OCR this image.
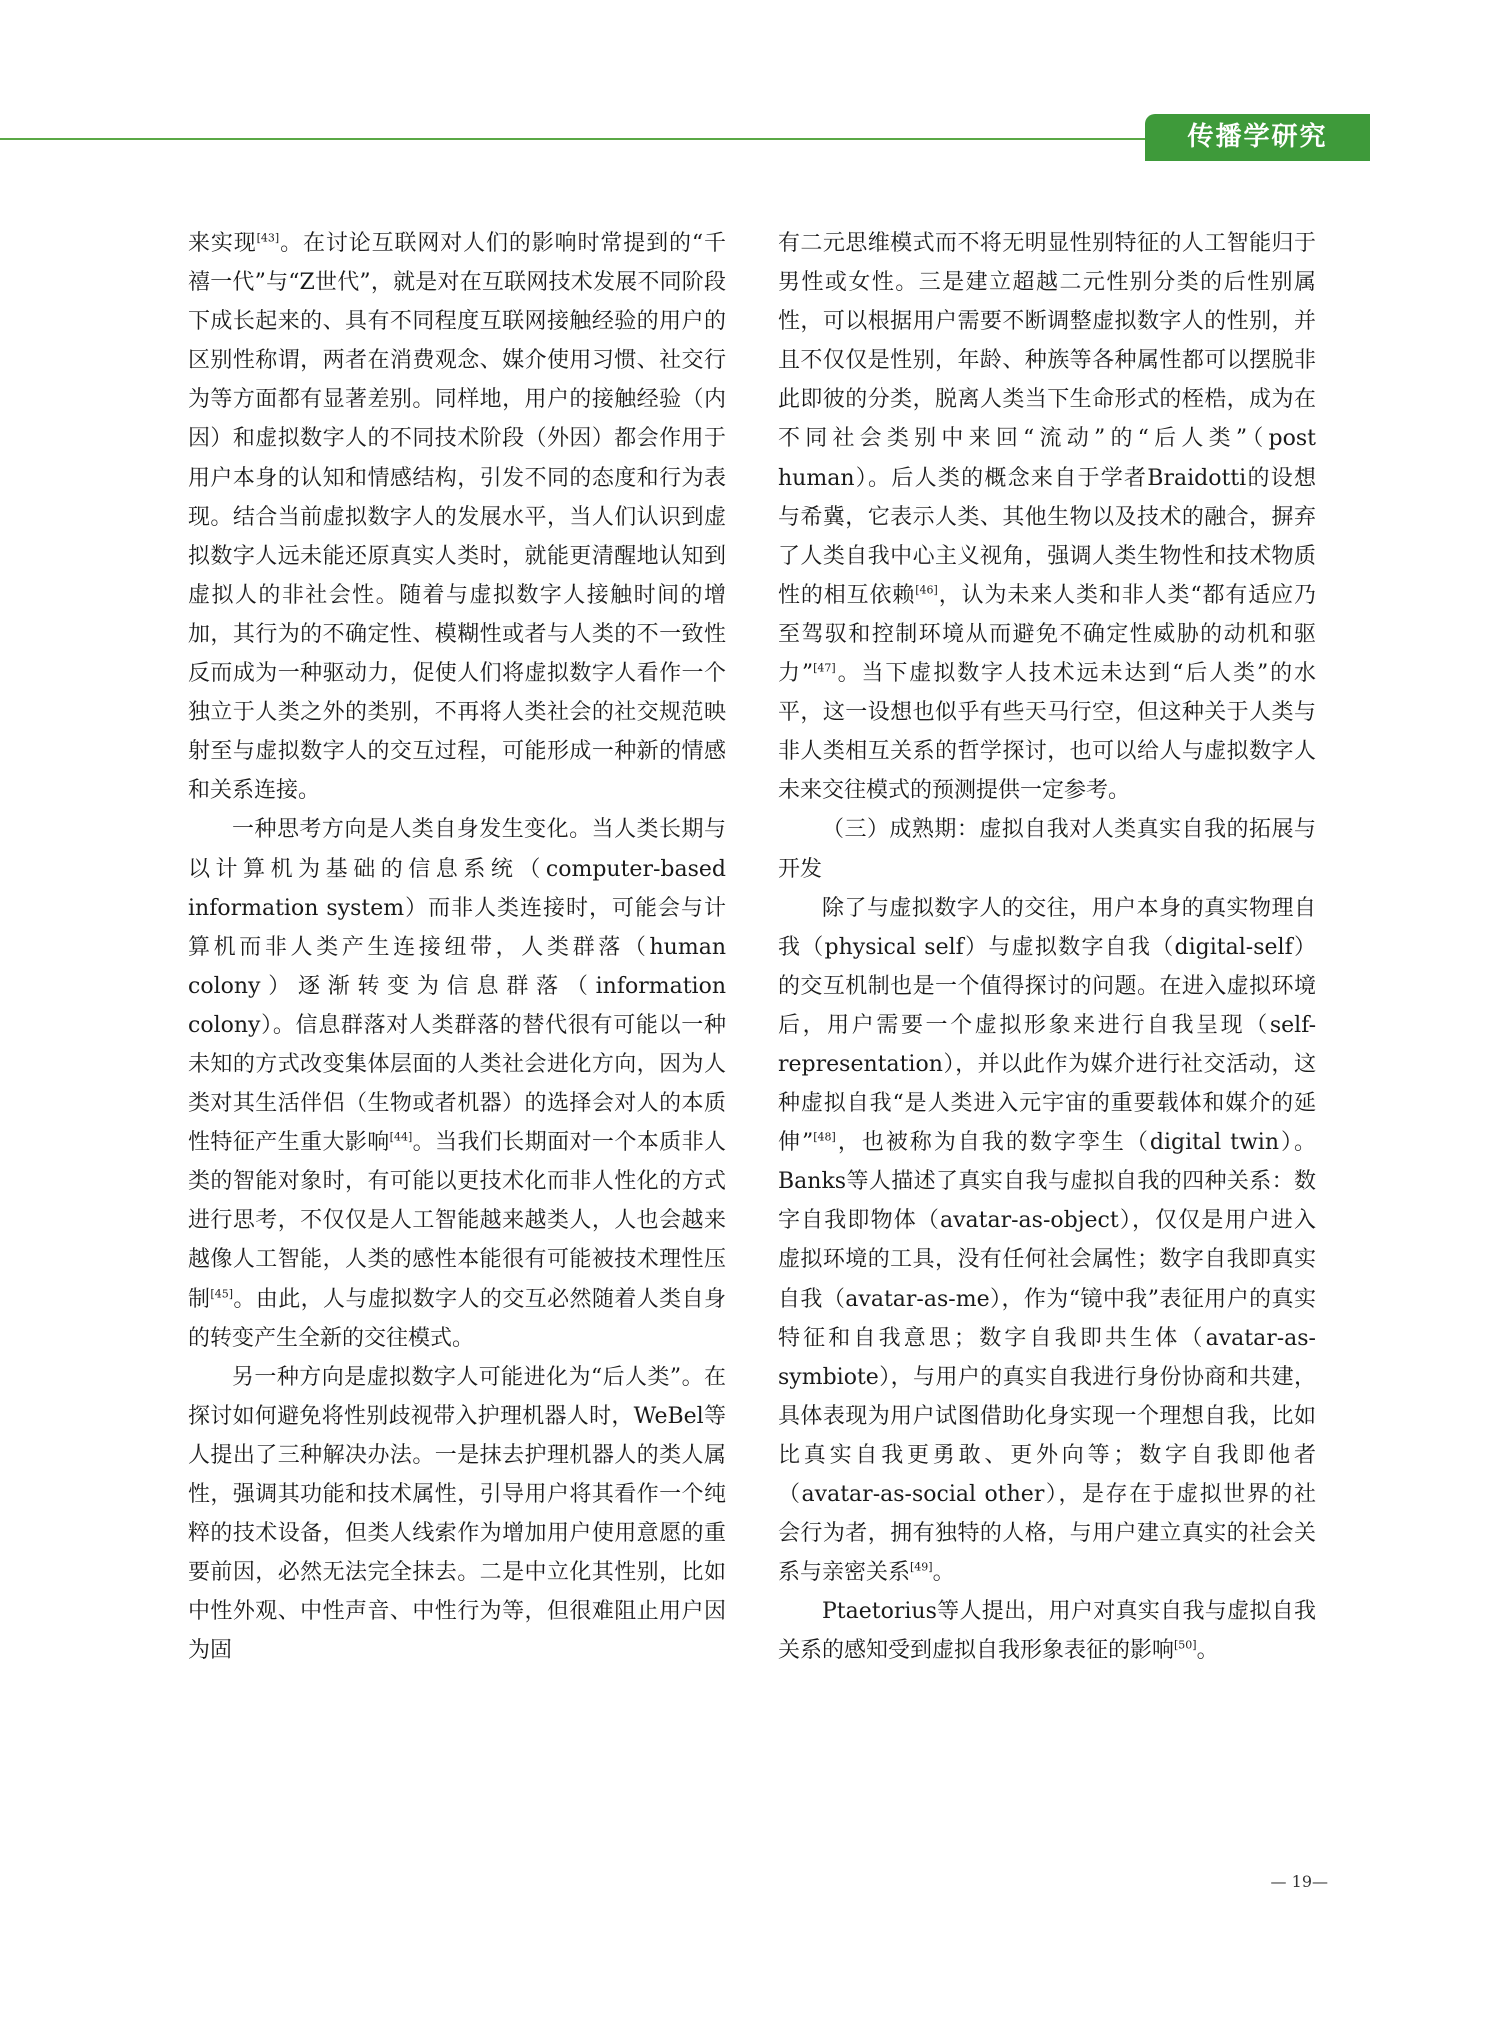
传播学研究

来实现[43]。在讨论互联网对人们的影响时常提到的“千禧一代”与“Z世代”，就是对在互联网技术发展不同阶段下成长起来的、具有不同程度互联网接触经验的用户的区别性称谓，两者在消费观念、媒介使用习惯、社交行为等方面都有显著差别。同样地，用户的接触经验（内因）和虚拟数字人的不同技术阶段（外因）都会作用于用户本身的认知和情感结构，引发不同的态度和行为表现。结合当前虚拟数字人的发展水平，当人们认识到虚拟数字人远未能还原真实人类时，就能更清醒地认知到虚拟人的非社会性。随着与虚拟数字人接触时间的增加，其行为的不确定性、模糊性或者与人类的不一致性反而成为一种驱动力，促使人们将虚拟数字人看作一个独立于人类之外的类别，不再将人类社会的社交规范映射至与虚拟数字人的交互过程，可能形成一种新的情感和关系连接。

一种思考方向是人类自身发生变化。当人类长期与以计算机为基础的信息系统（computer-based information system）而非人类连接时，可能会与计算机而非人类产生连接纽带，人类群落（human colony）逐渐转变为信息群落（information colony）。信息群落对人类群落的替代很有可能以一种未知的方式改变集体层面的人类社会进化方向，因为人类对其生活伴侣（生物或者机器）的选择会对人的本质性特征产生重大影响[44]。当我们长期面对一个本质非人类的智能对象时，有可能以更技术化而非人性化的方式进行思考，不仅仅是人工智能越来越类人，人也会越来越像人工智能，人类的感性本能很有可能被技术理性压制[45]。由此，人与虚拟数字人的交互必然随着人类自身的转变产生全新的交往模式。

另一种方向是虚拟数字人可能进化为“后人类”。在探讨如何避免将性别歧视带入护理机器人时，WeBel等人提出了三种解决办法。一是抹去护理机器人的类人属性，强调其功能和技术属性，引导用户将其看作一个纯粹的技术设备，但类人线索作为增加用户使用意愿的重要前因，必然无法完全抹去。二是中立化其性别，比如中性外观、中性声音、中性行为等，但很难阻止用户因为固

有二元思维模式而不将无明显性别特征的人工智能归于男性或女性。三是建立超越二元性别分类的后性别属性，可以根据用户需要不断调整虚拟数字人的性别，并且不仅仅是性别，年龄、种族等各种属性都可以摆脱非此即彼的分类，脱离人类当下生命形式的桎梏，成为在不同社会类别中来回“流动”的“后人类”（post human）。后人类的概念来自于学者Braidotti的设想与希冀，它表示人类、其他生物以及技术的融合，摒弃了人类自我中心主义视角，强调人类生物性和技术物质性的相互依赖[46]，认为未来人类和非人类“都有适应乃至驾驭和控制环境从而避免不确定性威胁的动机和驱力”[47]。当下虚拟数字人技术远未达到“后人类”的水平，这一设想也似乎有些天马行空，但这种关于人类与非人类相互关系的哲学探讨，也可以给人与虚拟数字人未来交往模式的预测提供一定参考。

（三）成熟期：虚拟自我对人类真实自我的拓展与开发

除了与虚拟数字人的交往，用户本身的真实物理自我（physical self）与虚拟数字自我（digital-self）的交互机制也是一个值得探讨的问题。在进入虚拟环境后，用户需要一个虚拟形象来进行自我呈现（self-representation），并以此作为媒介进行社交活动，这种虚拟自我“是人类进入元宇宙的重要载体和媒介的延伸”[48]，也被称为自我的数字孪生（digital twin）。Banks等人描述了真实自我与虚拟自我的四种关系：数字自我即物体（avatar-as-object），仅仅是用户进入虚拟环境的工具，没有任何社会属性；数字自我即真实自我（avatar-as-me），作为“镜中我”表征用户的真实特征和自我意思；数字自我即共生体（avatar-as-symbiote），与用户的真实自我进行身份协商和共建，具体表现为用户试图借助化身实现一个理想自我，比如比真实自我更勇敢、更外向等；数字自我即他者（avatar-as-social other），是存在于虚拟世界的社会行为者，拥有独特的人格，与用户建立真实的社会关系与亲密关系[49]。

Ptaetorius等人提出，用户对真实自我与虚拟自我关系的感知受到虚拟自我形象表征的影响[50]。

— 19—
